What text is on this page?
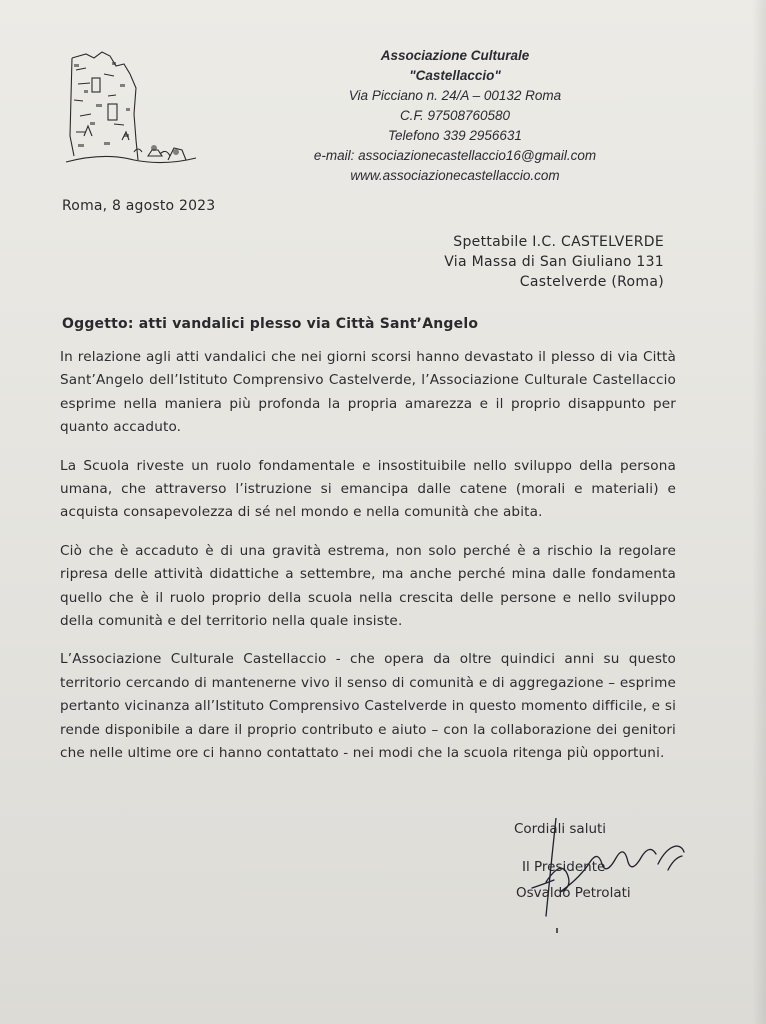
Associazione Culturale
"Castellaccio"
Via Picciano n. 24/A – 00132 Roma
C.F. 97508760580
Telefono 339 2956631
e-mail: associazionecastellaccio16@gmail.com
www.associazionecastellaccio.com
Roma, 8 agosto 2023
Spettabile I.C. CASTELVERDE
Via Massa di San Giuliano 131
Castelverde (Roma)
Oggetto: atti vandalici plesso via Città Sant’Angelo

In relazione agli atti vandalici che nei giorni scorsi hanno devastato il plesso di via Città Sant’Angelo dell’Istituto Comprensivo Castelverde, l’Associazione Culturale Castellaccio esprime nella maniera più profonda la propria amarezza e il proprio disappunto per quanto accaduto.

La Scuola riveste un ruolo fondamentale e insostituibile nello sviluppo della persona umana, che attraverso l’istruzione si emancipa dalle catene (morali e materiali) e acquista consapevolezza di sé nel mondo e nella comunità che abita.

Ciò che è accaduto è di una gravità estrema, non solo perché è a rischio la regolare ripresa delle attività didattiche a settembre, ma anche perché mina dalle fondamenta quello che è il ruolo proprio della scuola nella crescita delle persone e nello sviluppo della comunità e del territorio nella quale insiste.

L’Associazione Culturale Castellaccio - che opera da oltre quindici anni su questo territorio cercando di mantenerne vivo il senso di comunità e di aggregazione – esprime pertanto vicinanza all’Istituto Comprensivo Castelverde in questo momento difficile, e si rende disponibile a dare il proprio contributo e aiuto – con la collaborazione dei genitori che nelle ultime ore ci hanno contattato - nei modi che la scuola ritenga più opportuni.

Cordiali saluti
Il Presidente
Osvaldo Petrolati
